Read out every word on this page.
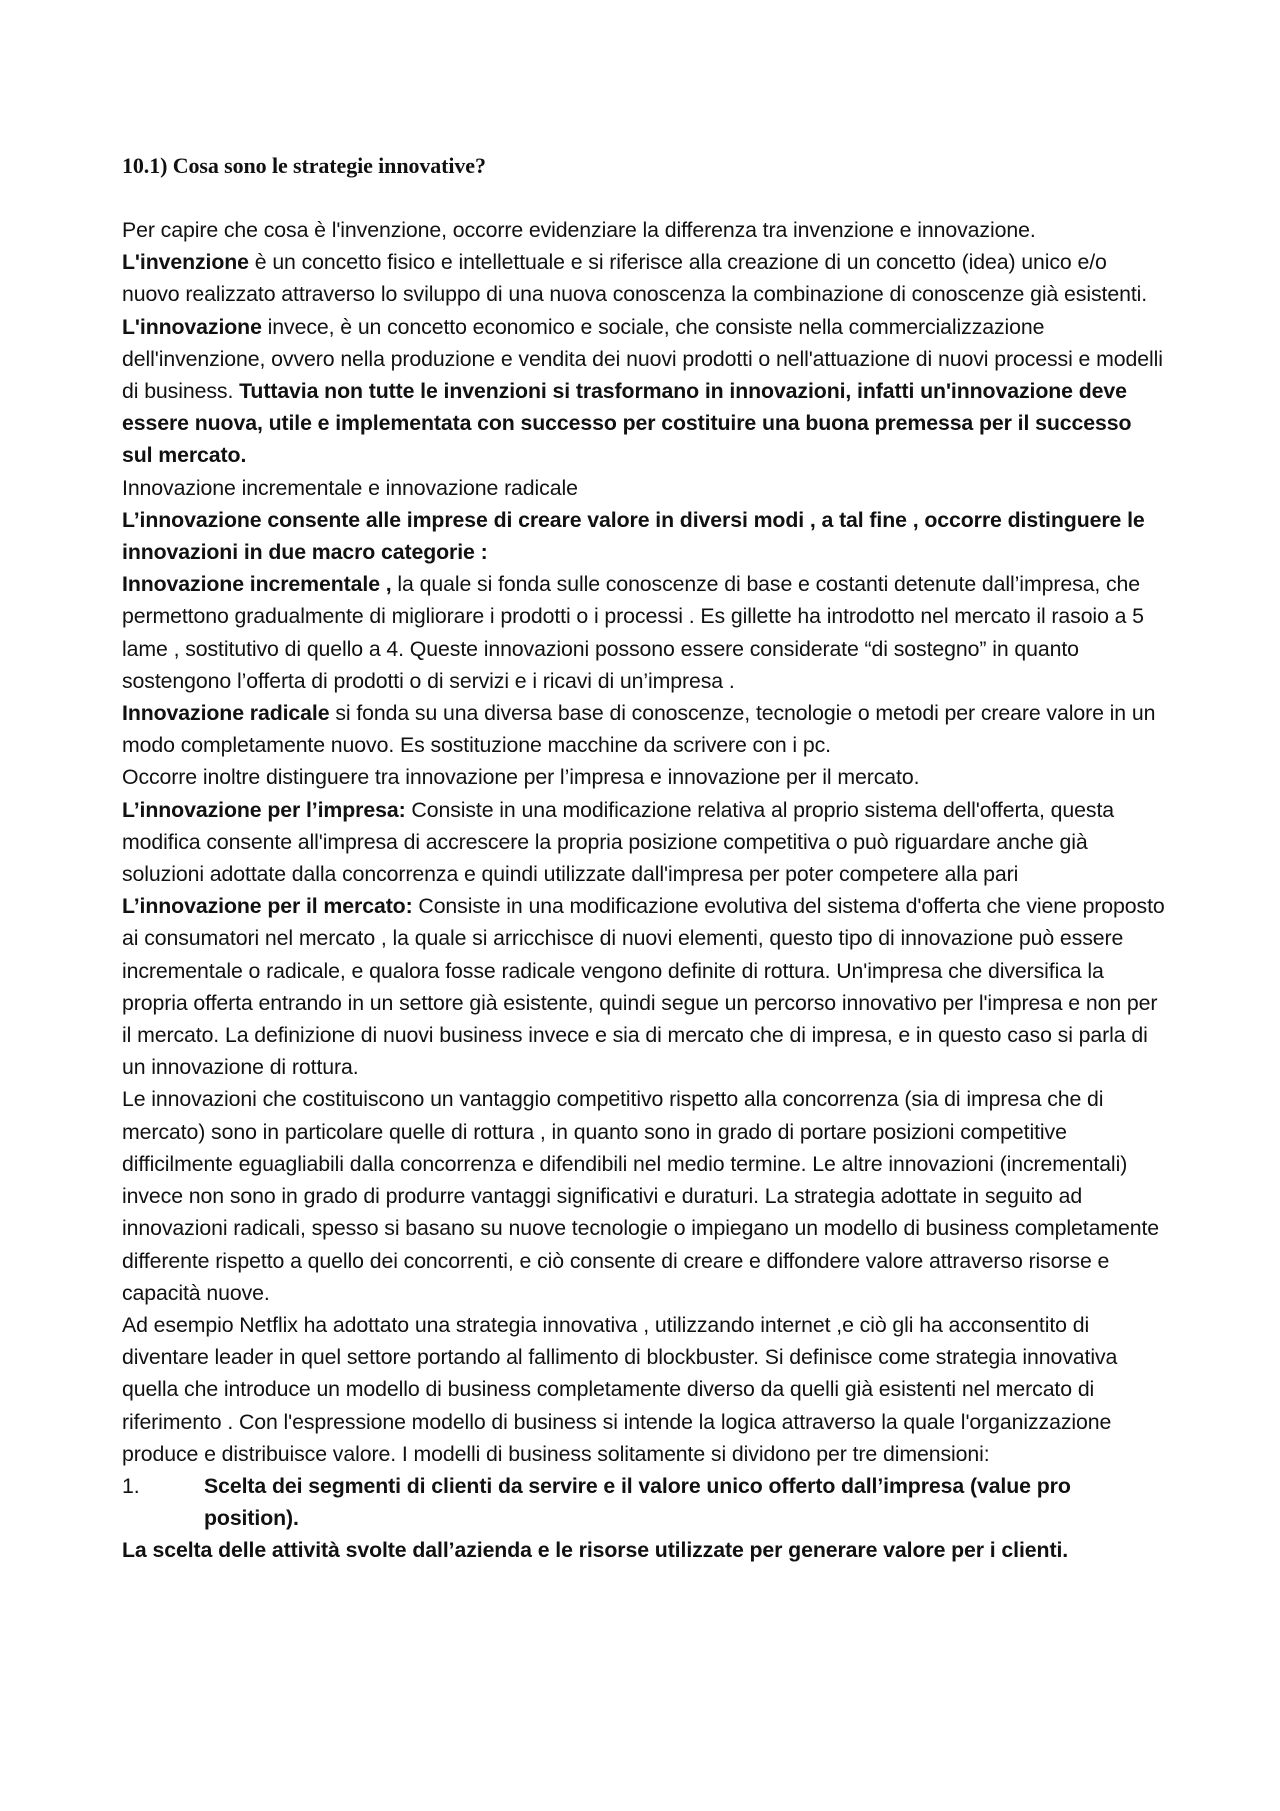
10.1) Cosa sono le strategie innovative?

Per capire che cosa è l'invenzione, occorre evidenziare la differenza tra invenzione e innovazione. L'invenzione è un concetto fisico e intellettuale e si riferisce alla creazione di un concetto (idea) unico e/o nuovo realizzato attraverso lo sviluppo di una nuova conoscenza la combinazione di conoscenze già esistenti. L'innovazione invece, è un concetto economico e sociale, che consiste nella commercializzazione dell'invenzione, ovvero nella produzione e vendita dei nuovi prodotti o nell'attuazione di nuovi processi e modelli di business. Tuttavia non tutte le invenzioni si trasformano in innovazioni, infatti un'innovazione deve essere nuova, utile e implementata con successo per costituire una buona premessa per il successo sul mercato.

Innovazione incrementale e innovazione radicale

L’innovazione consente alle imprese di creare valore in diversi modi , a tal fine , occorre distinguere le innovazioni in due macro categorie :

Innovazione incrementale , la quale si fonda sulle conoscenze di base e costanti detenute dall’impresa, che permettono gradualmente di migliorare i prodotti o i processi . Es gillette ha introdotto nel mercato il rasoio a 5 lame , sostitutivo di quello a 4. Queste innovazioni possono essere considerate “di sostegno” in quanto sostengono l’offerta di prodotti o di servizi e i ricavi di un’impresa .

Innovazione radicale si fonda su una diversa base di conoscenze, tecnologie o metodi per creare valore in un modo completamente nuovo. Es sostituzione macchine da scrivere con i pc.

Occorre inoltre distinguere tra innovazione per l’impresa e innovazione per il mercato.

L’innovazione per l’impresa: Consiste in una modificazione relativa al proprio sistema dell'offerta, questa modifica consente all'impresa di accrescere la propria posizione competitiva o può riguardare anche già soluzioni adottate dalla concorrenza e quindi utilizzate dall'impresa per poter competere alla pari

L’innovazione per il mercato: Consiste in una modificazione evolutiva del sistema d'offerta che viene proposto ai consumatori nel mercato , la quale si arricchisce di nuovi elementi, questo tipo di innovazione può essere incrementale o radicale, e qualora fosse radicale vengono definite di rottura. Un'impresa che diversifica la propria offerta entrando in un settore già esistente, quindi segue un percorso innovativo per l'impresa e non per il mercato. La definizione di nuovi business invece e sia di mercato che di impresa, e in questo caso si parla di un innovazione di rottura.

Le innovazioni che costituiscono un vantaggio competitivo rispetto alla concorrenza (sia di impresa che di mercato) sono in particolare quelle di rottura , in quanto sono in grado di portare posizioni competitive difficilmente eguagliabili dalla concorrenza e difendibili nel medio termine. Le altre innovazioni (incrementali) invece non sono in grado di produrre vantaggi significativi e duraturi. La strategia adottate in seguito ad innovazioni radicali, spesso si basano su nuove tecnologie o impiegano un modello di business completamente differente rispetto a quello dei concorrenti, e ciò consente di creare e diffondere valore attraverso risorse e capacità nuove.

Ad esempio Netflix ha adottato una strategia innovativa , utilizzando internet ,e ciò gli ha acconsentito di diventare leader in quel settore portando al fallimento di blockbuster. Si definisce come strategia innovativa quella che introduce un modello di business completamente diverso da quelli già esistenti nel mercato di riferimento . Con l'espressione modello di business si intende la logica attraverso la quale l'organizzazione produce e distribuisce valore. I modelli di business solitamente si dividono per tre dimensioni:

1.	Scelta dei segmenti di clienti da servire e il valore unico offerto dall’impresa (value pro position).

La scelta delle attività svolte dall’azienda e le risorse utilizzate per generare valore per i clienti.
